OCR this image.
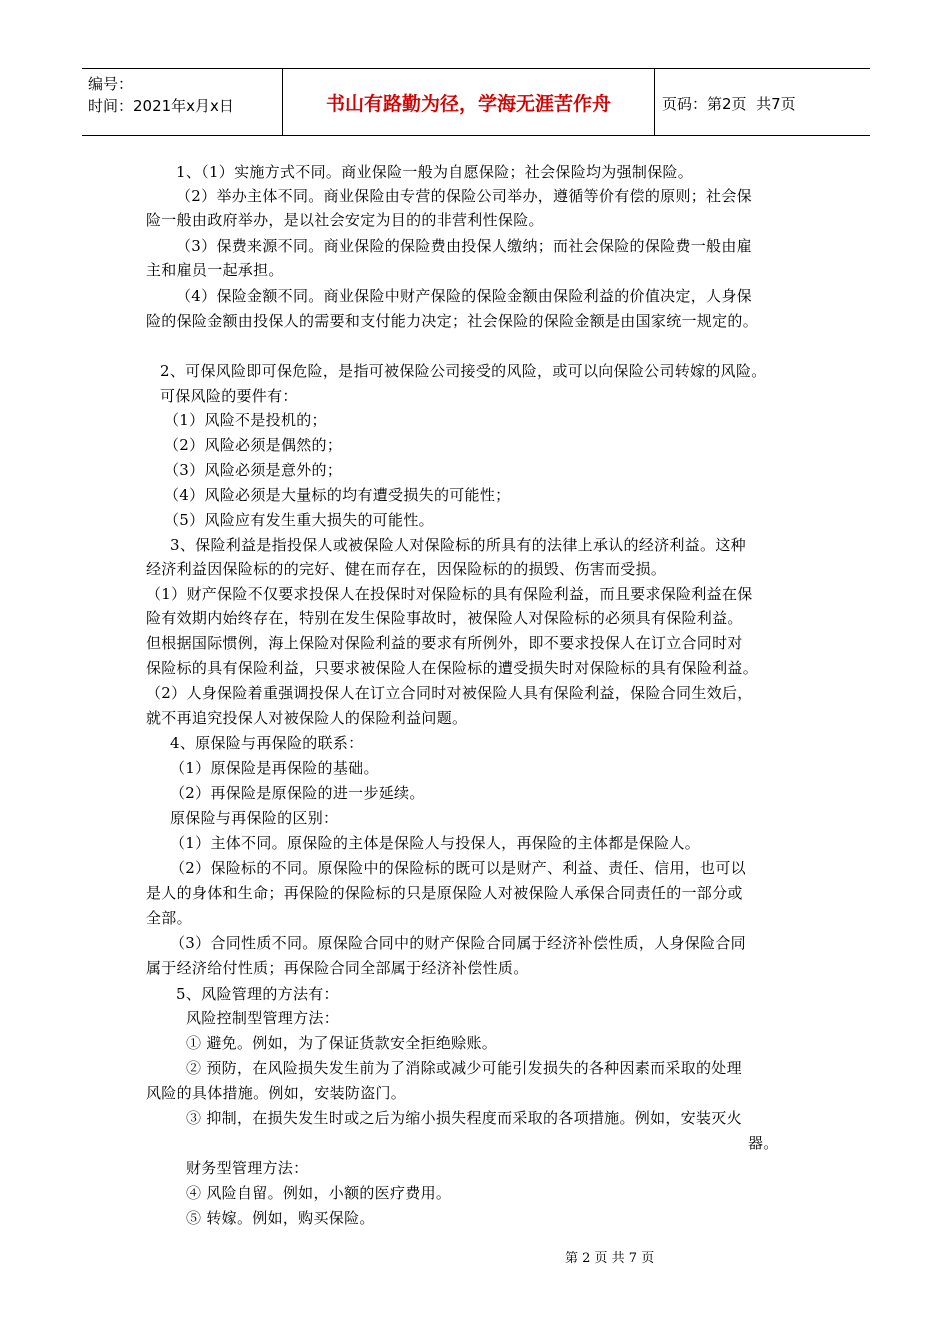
编号：
时间：2021年x月x日	书山有路勤为径，学海无涯苦作舟	页码：第2页  共7页
1、（1）实施方式不同。商业保险一般为自愿保险；社会保险均为强制保险。
（2）举办主体不同。商业保险由专营的保险公司举办，遵循等价有偿的原则；社会保
险一般由政府举办，是以社会安定为目的的非营利性保险。
（3）保费来源不同。商业保险的保险费由投保人缴纳；而社会保险的保险费一般由雇
主和雇员一起承担。
（4）保险金额不同。商业保险中财产保险的保险金额由保险利益的价值决定，人身保
险的保险金额由投保人的需要和支付能力决定；社会保险的保险金额是由国家统一规定的。
2、可保风险即可保危险，是指可被保险公司接受的风险，或可以向保险公司转嫁的风险。
可保风险的要件有：
（1）风险不是投机的；
（2）风险必须是偶然的；
（3）风险必须是意外的；
（4）风险必须是大量标的均有遭受损失的可能性；
（5）风险应有发生重大损失的可能性。
3、保险利益是指投保人或被保险人对保险标的所具有的法律上承认的经济利益。这种
经济利益因保险标的的完好、健在而存在，因保险标的的损毁、伤害而受损。
（1）财产保险不仅要求投保人在投保时对保险标的具有保险利益，而且要求保险利益在保
险有效期内始终存在，特别在发生保险事故时，被保险人对保险标的必须具有保险利益。
但根据国际惯例，海上保险对保险利益的要求有所例外，即不要求投保人在订立合同时对
保险标的具有保险利益，只要求被保险人在保险标的遭受损失时对保险标的具有保险利益。
（2）人身保险着重强调投保人在订立合同时对被保险人具有保险利益，保险合同生效后，
就不再追究投保人对被保险人的保险利益问题。
4、原保险与再保险的联系：
（1）原保险是再保险的基础。
（2）再保险是原保险的进一步延续。
原保险与再保险的区别：
（1）主体不同。原保险的主体是保险人与投保人，再保险的主体都是保险人。
（2）保险标的不同。原保险中的保险标的既可以是财产、利益、责任、信用，也可以
是人的身体和生命；再保险的保险标的只是原保险人对被保险人承保合同责任的一部分或
全部。
（3）合同性质不同。原保险合同中的财产保险合同属于经济补偿性质，人身保险合同
属于经济给付性质；再保险合同全部属于经济补偿性质。
5、风险管理的方法有：
风险控制型管理方法：
① 避免。例如，为了保证货款安全拒绝赊账。
② 预防，在风险损失发生前为了消除或减少可能引发损失的各种因素而采取的处理
风险的具体措施。例如，安装防盗门。
③ 抑制，在损失发生时或之后为缩小损失程度而采取的各项措施。例如，安装灭火
器。
财务型管理方法：
④ 风险自留。例如，小额的医疗费用。
⑤ 转嫁。例如，购买保险。
第 2 页 共 7 页
